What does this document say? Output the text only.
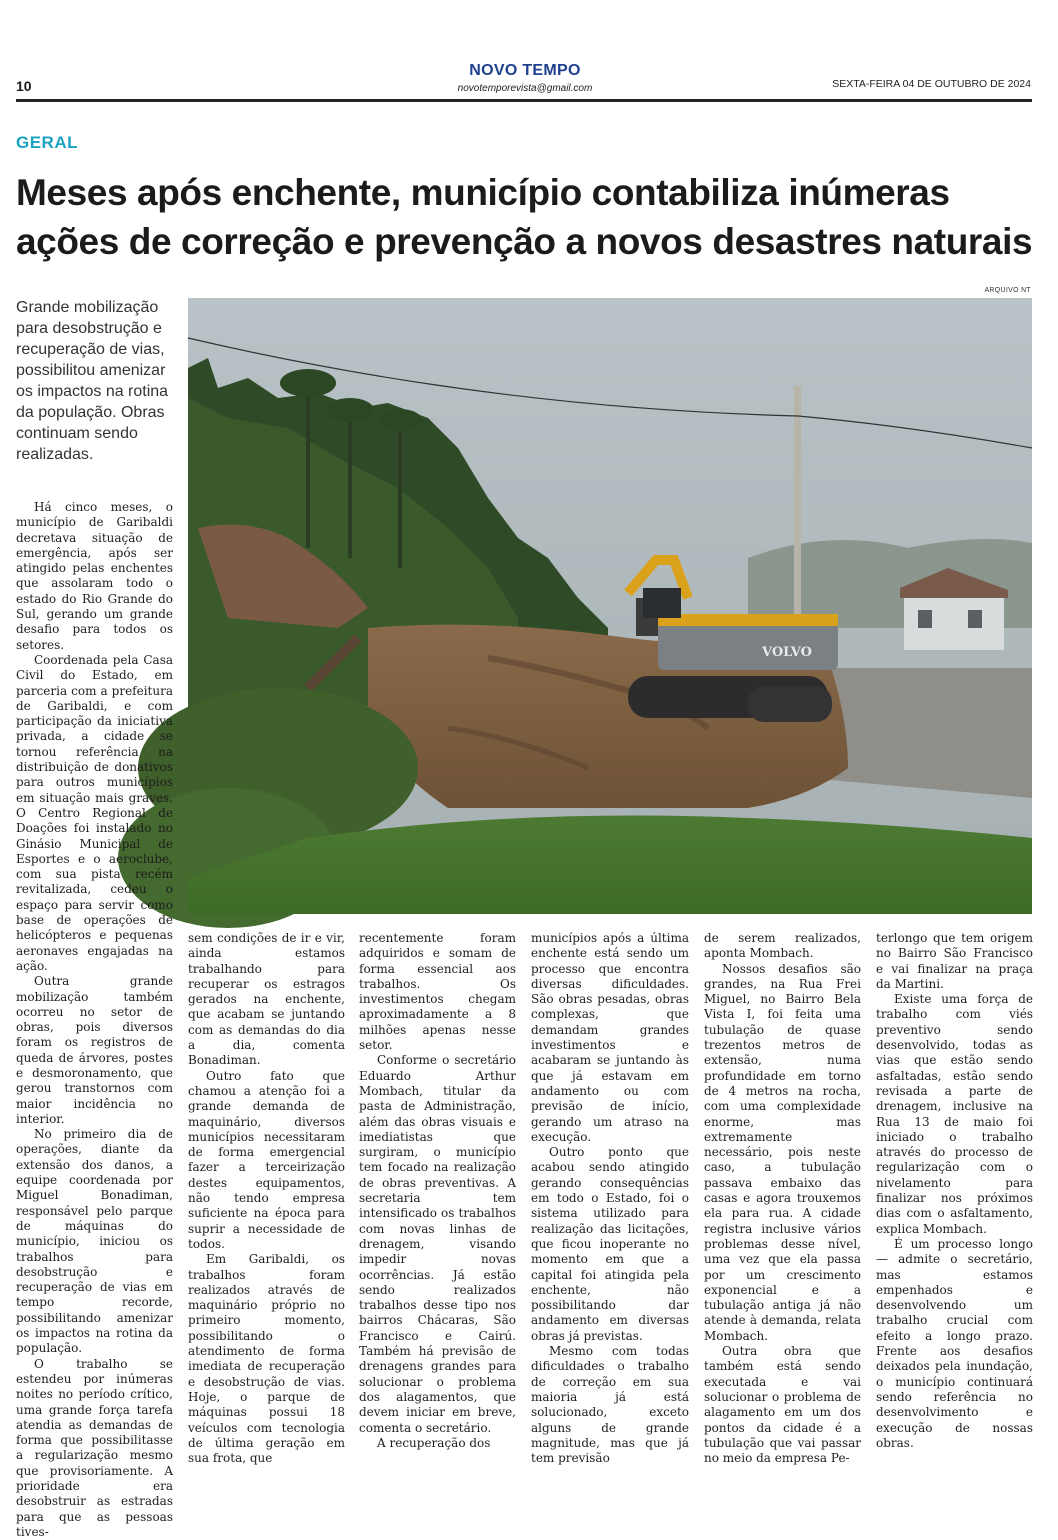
10
NOVO TEMPO
novotemporevista@gmail.com	SEXTA-FEIRA 04 DE OUTUBRO DE 2024
GERAL
Meses após enchente, município contabiliza inúmeras ações de correção e prevenção a novos desastres naturais

Grande mobilização para desobstrução e recuperação de vias, possibilitou amenizar os impactos na rotina da população. Obras continuam sendo realizadas.

ARQUIVO NT
VOLVO

Há cinco meses, o município de Garibaldi decretava situação de emergência, após ser atingido pelas enchentes que assolaram todo o estado do Rio Grande do Sul, gerando um grande desafio para todos os setores.

Coordenada pela Casa Civil do Estado, em parceria com a prefeitura de Garibaldi, e com participação da iniciativa privada, a cidade se tornou referência na distribuição de donativos para outros municípios em situação mais graves. O Centro Regional de Doações foi instalado no Ginásio Municipal de Esportes e o aeroclube, com sua pista recém revitalizada, cedeu o espaço para servir como base de operações de helicópteros e pequenas aeronaves engajadas na ação.

Outra grande mobilização também ocorreu no setor de obras, pois diversos foram os registros de queda de árvores, postes e desmoronamento, que gerou transtornos com maior incidência no interior.

No primeiro dia de operações, diante da extensão dos danos, a equipe coordenada por Miguel Bonadiman, responsável pelo parque de máquinas do município, iniciou os trabalhos para desobstrução e recuperação de vias em tempo recorde, possibilitando amenizar os impactos na rotina da população.

O trabalho se estendeu por inúmeras noites no período crítico, uma grande força tarefa atendia as demandas de forma que possibilitasse a regularização mesmo que provisoriamente. A prioridade era desobstruir as estradas para que as pessoas tives-

sem condições de ir e vir, ainda estamos trabalhando para recuperar os estragos gerados na enchente, que acabam se juntando com as demandas do dia a dia, comenta Bonadiman.

Outro fato que chamou a atenção foi a grande demanda de maquinário, diversos municípios necessitaram de forma emergencial fazer a terceirização destes equipamentos, não tendo empresa suficiente na época para suprir a necessidade de todos.

Em Garibaldi, os trabalhos foram realizados através de maquinário próprio no primeiro momento, possibilitando o atendimento de forma imediata de recuperação e desobstrução de vias. Hoje, o parque de máquinas possui 18 veículos com tecnologia de última geração em sua frota, que

recentemente foram adquiridos e somam de forma essencial aos trabalhos. Os investimentos chegam aproximadamente a 8 milhões apenas nesse setor.

Conforme o secretário Eduardo Arthur Mombach, titular da pasta de Administração, além das obras visuais e imediatistas que surgiram, o município tem focado na realização de obras preventivas. A secretaria tem intensificado os trabalhos com novas linhas de drenagem, visando impedir novas ocorrências. Já estão sendo realizados trabalhos desse tipo nos bairros Chácaras, São Francisco e Cairú. Também há previsão de drenagens grandes para solucionar o problema dos alagamentos, que devem iniciar em breve, comenta o secretário.

A recuperação dos

municípios após a última enchente está sendo um processo que encontra diversas dificuldades. São obras pesadas, obras complexas, que demandam grandes investimentos e acabaram se juntando às que já estavam em andamento ou com previsão de início, gerando um atraso na execução.

Outro ponto que acabou sendo atingido gerando consequências em todo o Estado, foi o sistema utilizado para realização das licitações, que ficou inoperante no momento em que a capital foi atingida pela enchente, não possibilitando dar andamento em diversas obras já previstas.

Mesmo com todas dificuldades o trabalho de correção em sua maioria já está solucionado, exceto alguns de grande magnitude, mas que já tem previsão

de serem realizados, aponta Mombach.

Nossos desafios são grandes, na Rua Frei Miguel, no Bairro Bela Vista I, foi feita uma tubulação de quase trezentos metros de extensão, numa profundidade em torno de 4 metros na rocha, com uma complexidade enorme, mas extremamente necessário, pois neste caso, a tubulação passava embaixo das casas e agora trouxemos ela para rua. A cidade registra inclusive vários problemas desse nível, uma vez que ela passa por um crescimento exponencial e a tubulação antiga já não atende à demanda, relata Mombach.

Outra obra que também está sendo executada e vai solucionar o problema de alagamento em um dos pontos da cidade é a tubulação que vai passar no meio da empresa Pe-

terlongo que tem origem no Bairro São Francisco e vai finalizar na praça da Martini.

Existe uma força de trabalho com viés preventivo sendo desenvolvido, todas as vias que estão sendo asfaltadas, estão sendo revisada a parte de drenagem, inclusive na Rua 13 de maio foi iniciado o trabalho através do processo de regularização com o nivelamento para finalizar nos próximos dias com o asfaltamento, explica Mombach.

É um processo longo — admite o secretário, mas estamos empenhados e desenvolvendo um trabalho crucial com efeito a longo prazo. Frente aos desafios deixados pela inundação, o município continuará sendo referência no desenvolvimento e execução de nossas obras.
